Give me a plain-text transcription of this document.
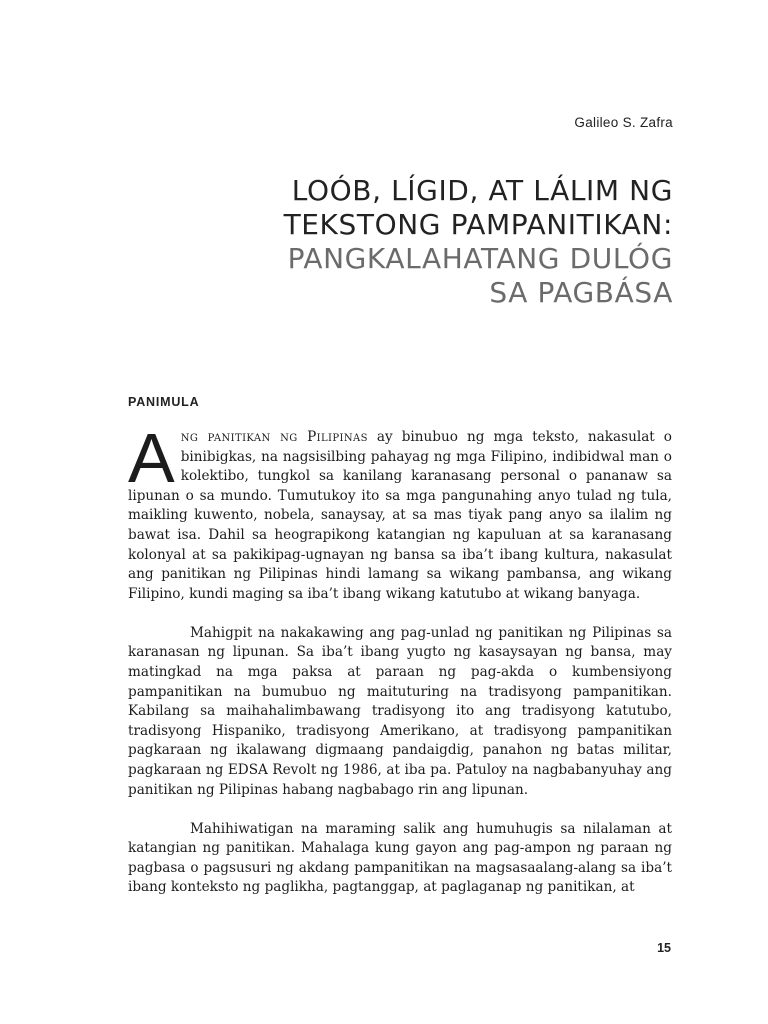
Galileo S. Zafra
LOÓB, LÍGID, AT LÁLIM NG
TEKSTONG PAMPANITIKAN:
PANGKALAHATANG DULÓG
SA PAGBÁSA
PANIMULA

Ang panitikan ng Pilipinas ay binubuo ng mga teksto, nakasulat o binibigkas, na nagsisilbing pahayag ng mga Filipino, indibidwal man o kolektibo, tungkol sa kanilang karanasang personal o pananaw sa lipunan o sa mundo. Tumutukoy ito sa mga pangunahing anyo tulad ng tula, maikling kuwento, nobela, sanaysay, at sa mas tiyak pang anyo sa ilalim ng bawat isa. Dahil sa heograpikong katangian ng kapuluan at sa karanasang kolonyal at sa pakikipag-ugnayan ng bansa sa iba’t ibang kultura, nakasulat ang panitikan ng Pilipinas hindi lamang sa wikang pambansa, ang wikang Filipino, kundi maging sa iba’t ibang wikang katutubo at wikang banyaga.

Mahigpit na nakakawing ang pag-unlad ng panitikan ng Pilipinas sa karanasan ng lipunan. Sa iba’t ibang yugto ng kasaysayan ng bansa, may matingkad na mga paksa at paraan ng pag-akda o kumbensiyong pampanitikan na bumubuo ng maituturing na tradisyong pampanitikan. Kabilang sa maihahalimbawang tradisyong ito ang tradisyong katutubo, tradisyong Hispaniko, tradisyong Amerikano, at tradisyong pampanitikan pagkaraan ng ikalawang digmaang pandaigdig, panahon ng batas militar, pagkaraan ng EDSA Revolt ng 1986, at iba pa. Patuloy na nagbabanyuhay ang panitikan ng Pilipinas habang nagbabago rin ang lipunan.

Mahihiwatigan na maraming salik ang humuhugis sa nilalaman at katangian ng panitikan. Mahalaga kung gayon ang pag-ampon ng paraan ng pagbasa o pagsusuri ng akdang pampanitikan na magsasaalang-alang sa iba’t ibang konteksto ng paglikha, pagtanggap, at paglaganap ng panitikan, at

15
